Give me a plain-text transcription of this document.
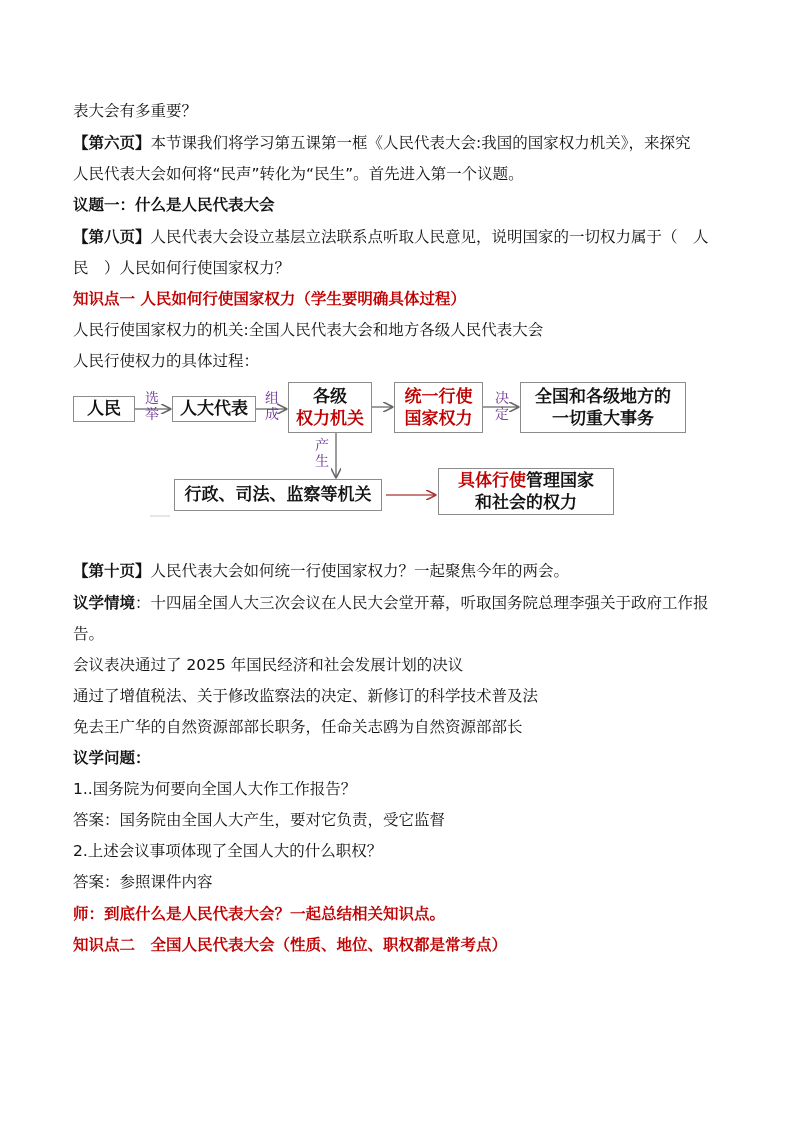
表大会有多重要？
【第六页】本节课我们将学习第五课第一框《人民代表大会:我国的国家权力机关》，来探究
人民代表大会如何将“民声”转化为“民生”。首先进入第一个议题。
议题一：什么是人民代表大会
【第八页】人民代表大会设立基层立法联系点听取人民意见，说明国家的一切权力属于（　人
民　）人民如何行使国家权力？
知识点一 人民如何行使国家权力（学生要明确具体过程）
人民行使国家权力的机关:全国人民代表大会和地方各级人民代表大会
人民行使权力的具体过程：
人民 选
举 人大代表 组
成
各级
权力机关
统一行使
国家权力
决
定
全国和各级地方的
一切重大事务
产
生
行政、司法、监察等机关
具体行使管理国家
和社会的权力
【第十页】人民代表大会如何统一行使国家权力？一起聚焦今年的两会。
议学情境：十四届全国人大三次会议在人民大会堂开幕，听取国务院总理李强关于政府工作报
告。
会议表决通过了 2025 年国民经济和社会发展计划的决议
通过了增值税法、关于修改监察法的决定、新修订的科学技术普及法
免去王广华的自然资源部部长职务，任命关志鸥为自然资源部部长
议学问题：
1..国务院为何要向全国人大作工作报告？
答案：国务院由全国人大产生，要对它负责，受它监督
2.上述会议事项体现了全国人大的什么职权？
答案：参照课件内容
师：到底什么是人民代表大会？一起总结相关知识点。
知识点二　全国人民代表大会（性质、地位、职权都是常考点）
